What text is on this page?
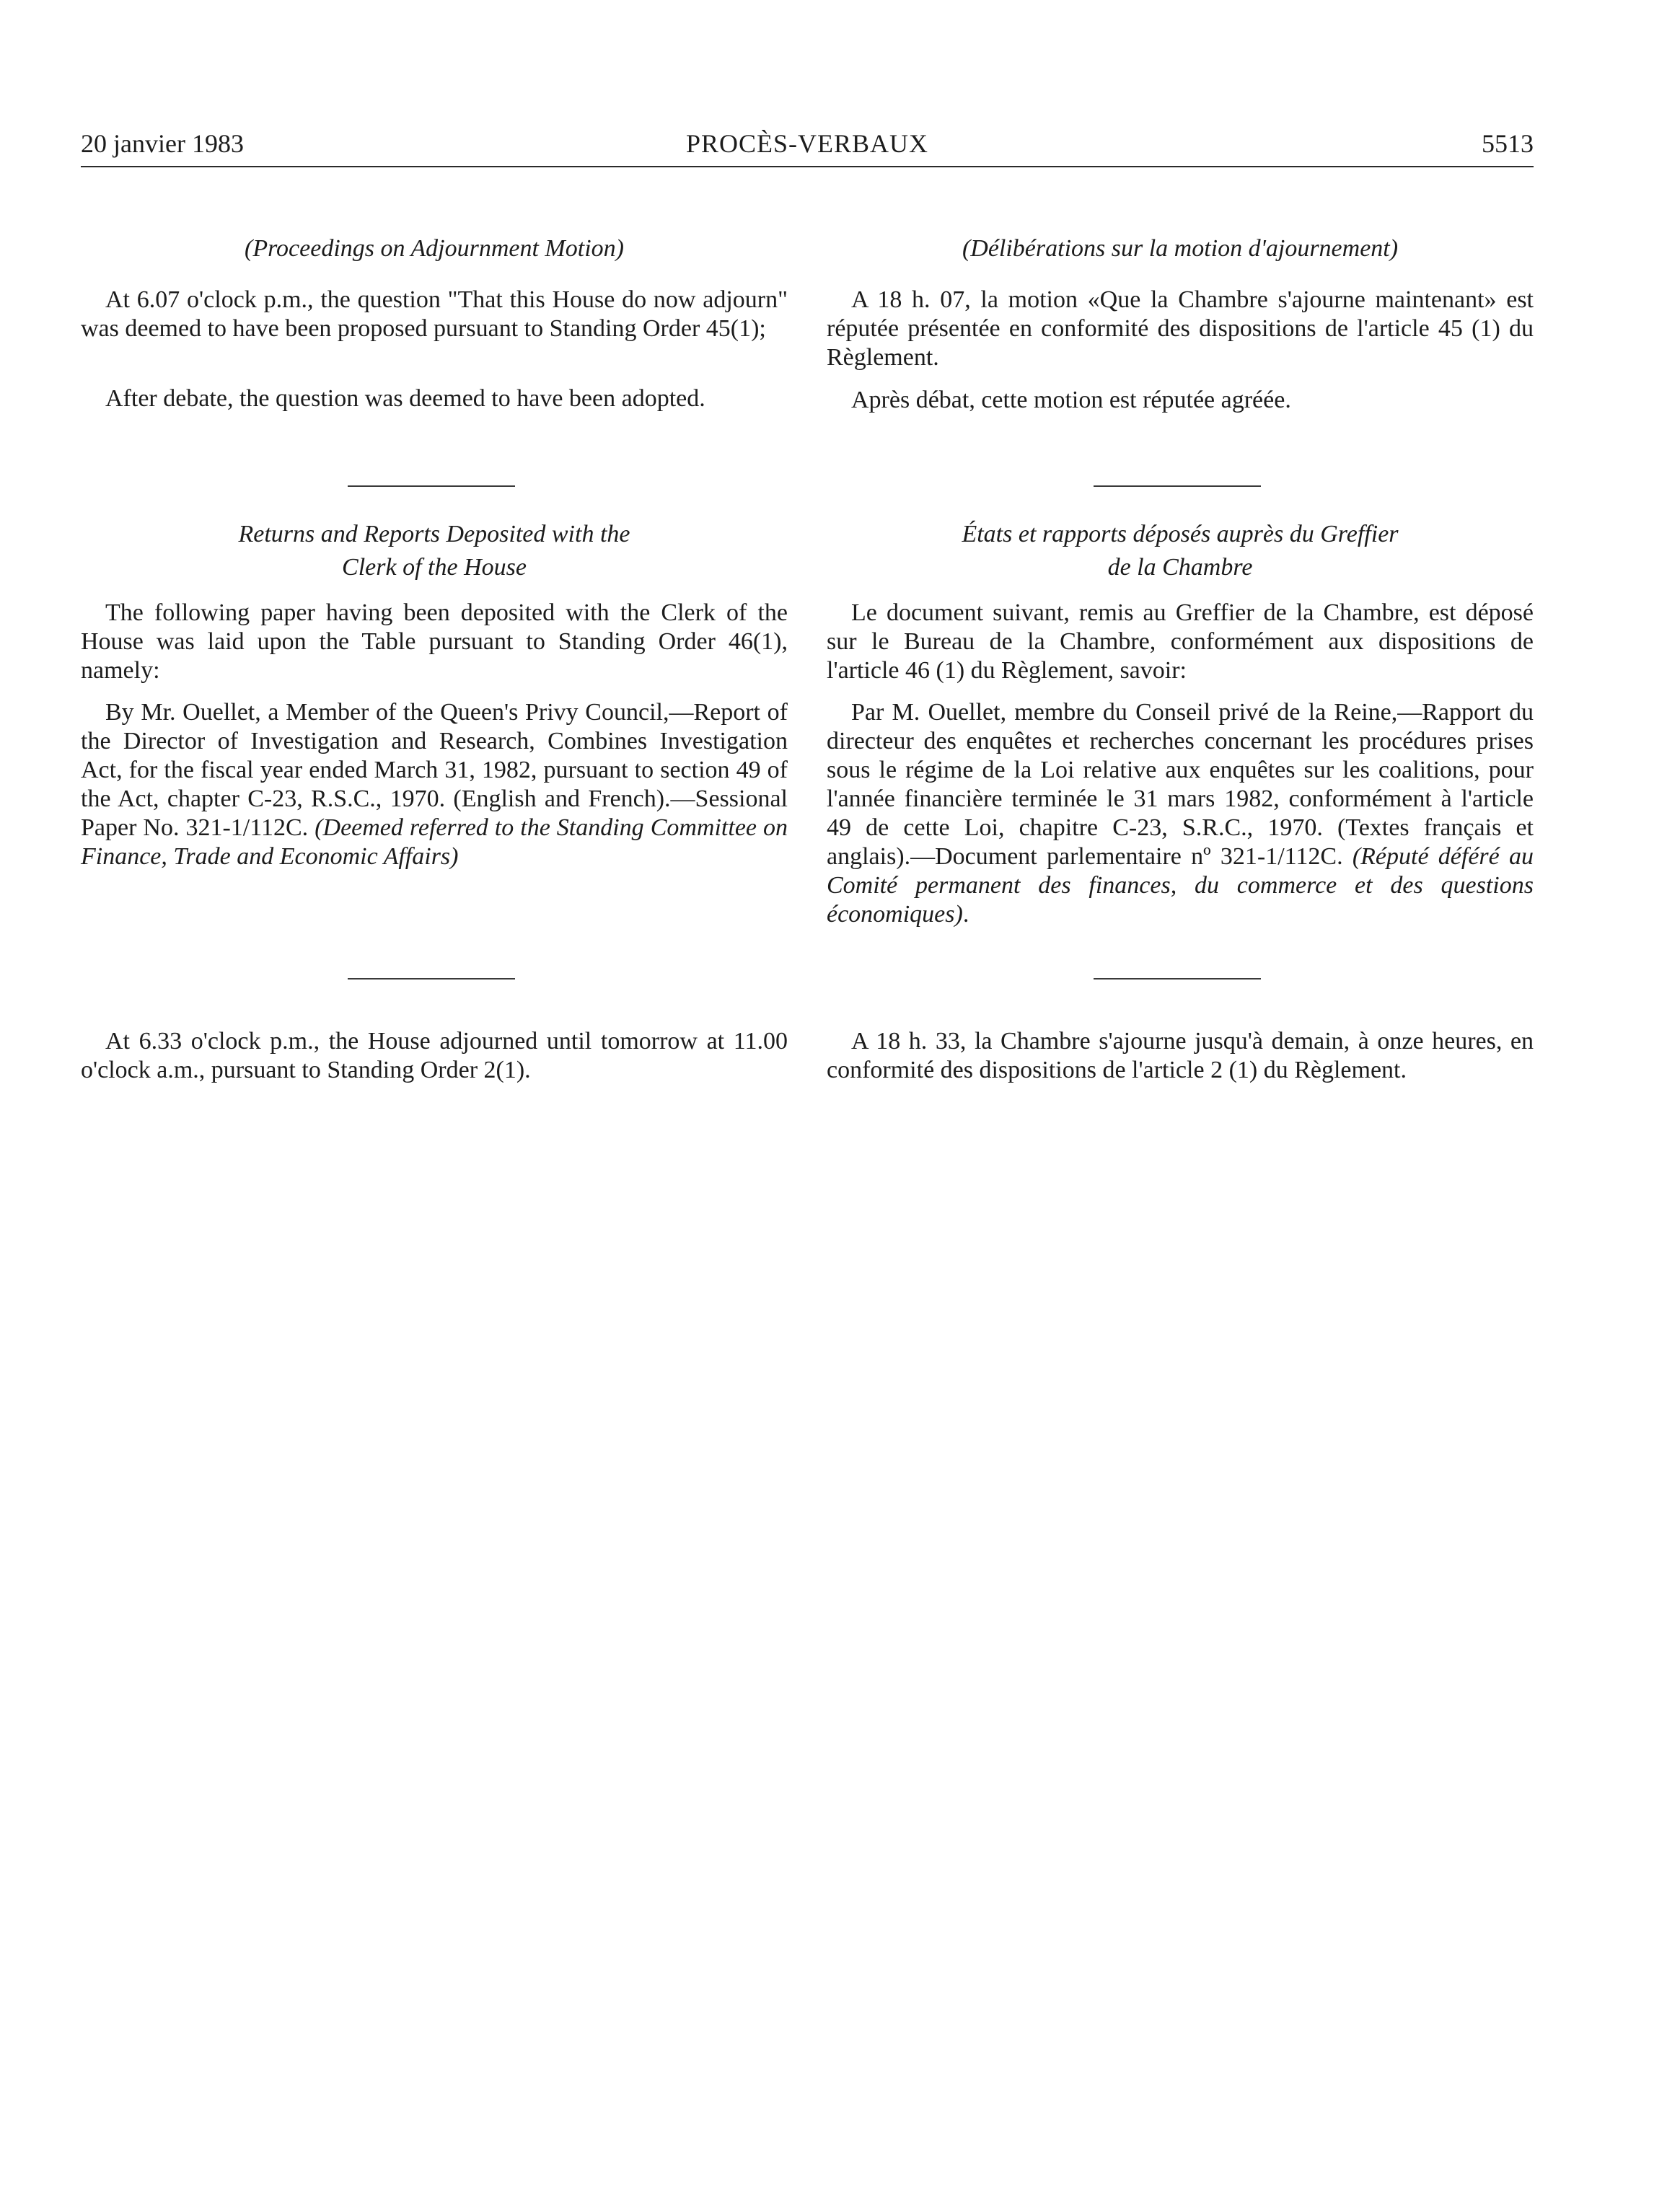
20 janvier 1983	PROCÈS-VERBAUX	5513
(Proceedings on Adjournment Motion)

At 6.07 o'clock p.m., the question "That this House do now adjourn" was deemed to have been proposed pursuant to Standing Order 45(1);

After debate, the question was deemed to have been adopted.

Returns and Reports Deposited with the
Clerk of the House

The following paper having been deposited with the Clerk of the House was laid upon the Table pursuant to Standing Order 46(1), namely:

By Mr. Ouellet, a Member of the Queen's Privy Council,—Report of the Director of Investigation and Research, Combines Investigation Act, for the fiscal year ended March 31, 1982, pursuant to section 49 of the Act, chapter C-23, R.S.C., 1970. (English and French).—Sessional Paper No. 321-1/112C. (Deemed referred to the Standing Committee on Finance, Trade and Economic Affairs)

At 6.33 o'clock p.m., the House adjourned until tomorrow at 11.00 o'clock a.m., pursuant to Standing Order 2(1).

(Délibérations sur la motion d'ajournement)

A 18 h. 07, la motion «Que la Chambre s'ajourne maintenant» est réputée présentée en conformité des dispositions de l'article 45 (1) du Règlement.

Après débat, cette motion est réputée agréée.

États et rapports déposés auprès du Greffier
de la Chambre

Le document suivant, remis au Greffier de la Chambre, est déposé sur le Bureau de la Chambre, conformément aux dispositions de l'article 46 (1) du Règlement, savoir:

Par M. Ouellet, membre du Conseil privé de la Reine,—Rapport du directeur des enquêtes et recherches concernant les procédures prises sous le régime de la Loi relative aux enquêtes sur les coalitions, pour l'année financière terminée le 31 mars 1982, conformément à l'article 49 de cette Loi, chapitre C-23, S.R.C., 1970. (Textes français et anglais).—Document parlementaire nº 321-1/112C. (Réputé déféré au Comité permanent des finances, du commerce et des questions économiques).

A 18 h. 33, la Chambre s'ajourne jusqu'à demain, à onze heures, en conformité des dispositions de l'article 2 (1) du Règlement.
